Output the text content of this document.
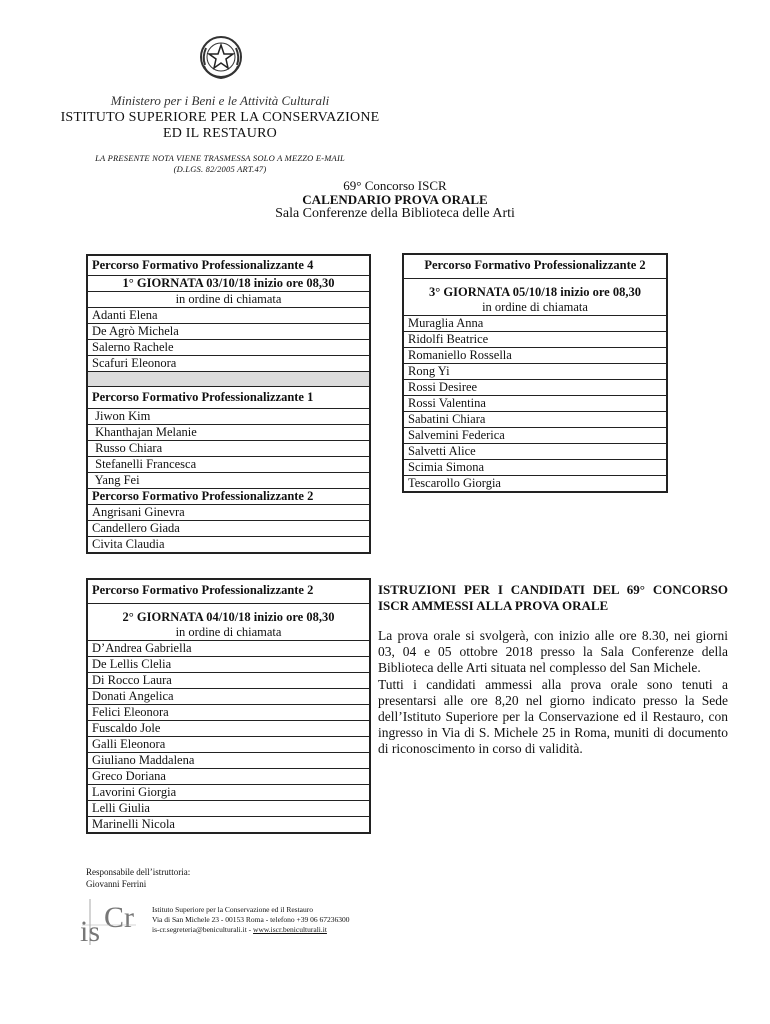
Ministero per i Beni e le Attività Culturali
ISTITUTO SUPERIORE PER LA CONSERVAZIONE
ED IL RESTAURO
LA PRESENTE NOTA VIENE TRASMESSA SOLO A MEZZO E-MAIL
(D.LGS. 82/2005 ART.47)
69° Concorso ISCR
CALENDARIO PROVA ORALE
Sala Conferenze della Biblioteca delle Arti
Percorso Formativo Professionalizzante 4
1° GIORNATA 03/10/18 inizio ore 08,30
in ordine di chiamata
Adanti Elena
De Agrò Michela
Salerno Rachele
Scafuri Eleonora

Percorso Formativo Professionalizzante 1
Jiwon Kim
Khanthajan Melanie
Russo Chiara
Stefanelli Francesca
Yang Fei
Percorso Formativo Professionalizzante 2
Angrisani Ginevra
Candellero Giada
Civita Claudia
Percorso Formativo Professionalizzante 2
3° GIORNATA 05/10/18 inizio ore 08,30
in ordine di chiamata
Muraglia Anna
Ridolfi Beatrice
Romaniello Rossella
Rong Yi
Rossi Desiree
Rossi Valentina
Sabatini Chiara
Salvemini Federica
Salvetti Alice
Scimia Simona
Tescarollo Giorgia
Percorso Formativo Professionalizzante 2
2° GIORNATA 04/10/18 inizio ore 08,30
in ordine di chiamata
D’Andrea Gabriella
De Lellis Clelia
Di Rocco Laura
Donati Angelica
Felici Eleonora
Fuscaldo Jole
Galli Eleonora
Giuliano Maddalena
Greco Doriana
Lavorini Giorgia
Lelli Giulia
Marinelli Nicola
ISTRUZIONI PER I CANDIDATI DEL 69° CONCORSO ISCR AMMESSI ALLA PROVA ORALE

La prova orale si svolgerà, con inizio alle ore 8.30, nei giorni 03, 04 e 05 ottobre 2018 presso la Sala Conferenze della Biblioteca delle Arti situata nel complesso del San Michele.

Tutti i candidati ammessi alla prova orale sono tenuti a presentarsi alle ore 8,20 nel giorno indicato presso la Sede dell’Istituto Superiore per la Conservazione ed il Restauro, con ingresso in Via di S. Michele 25 in Roma, muniti di documento di riconoscimento in corso di validità.

Responsabile dell’istruttoria:
Giovanni Ferrini
is Cr Istituto Superiore per la Conservazione ed il Restauro
Via di San Michele 23 - 00153 Roma - telefono +39 06 67236300
is-cr.segreteria@beniculturali.it - www.iscr.beniculturali.it
